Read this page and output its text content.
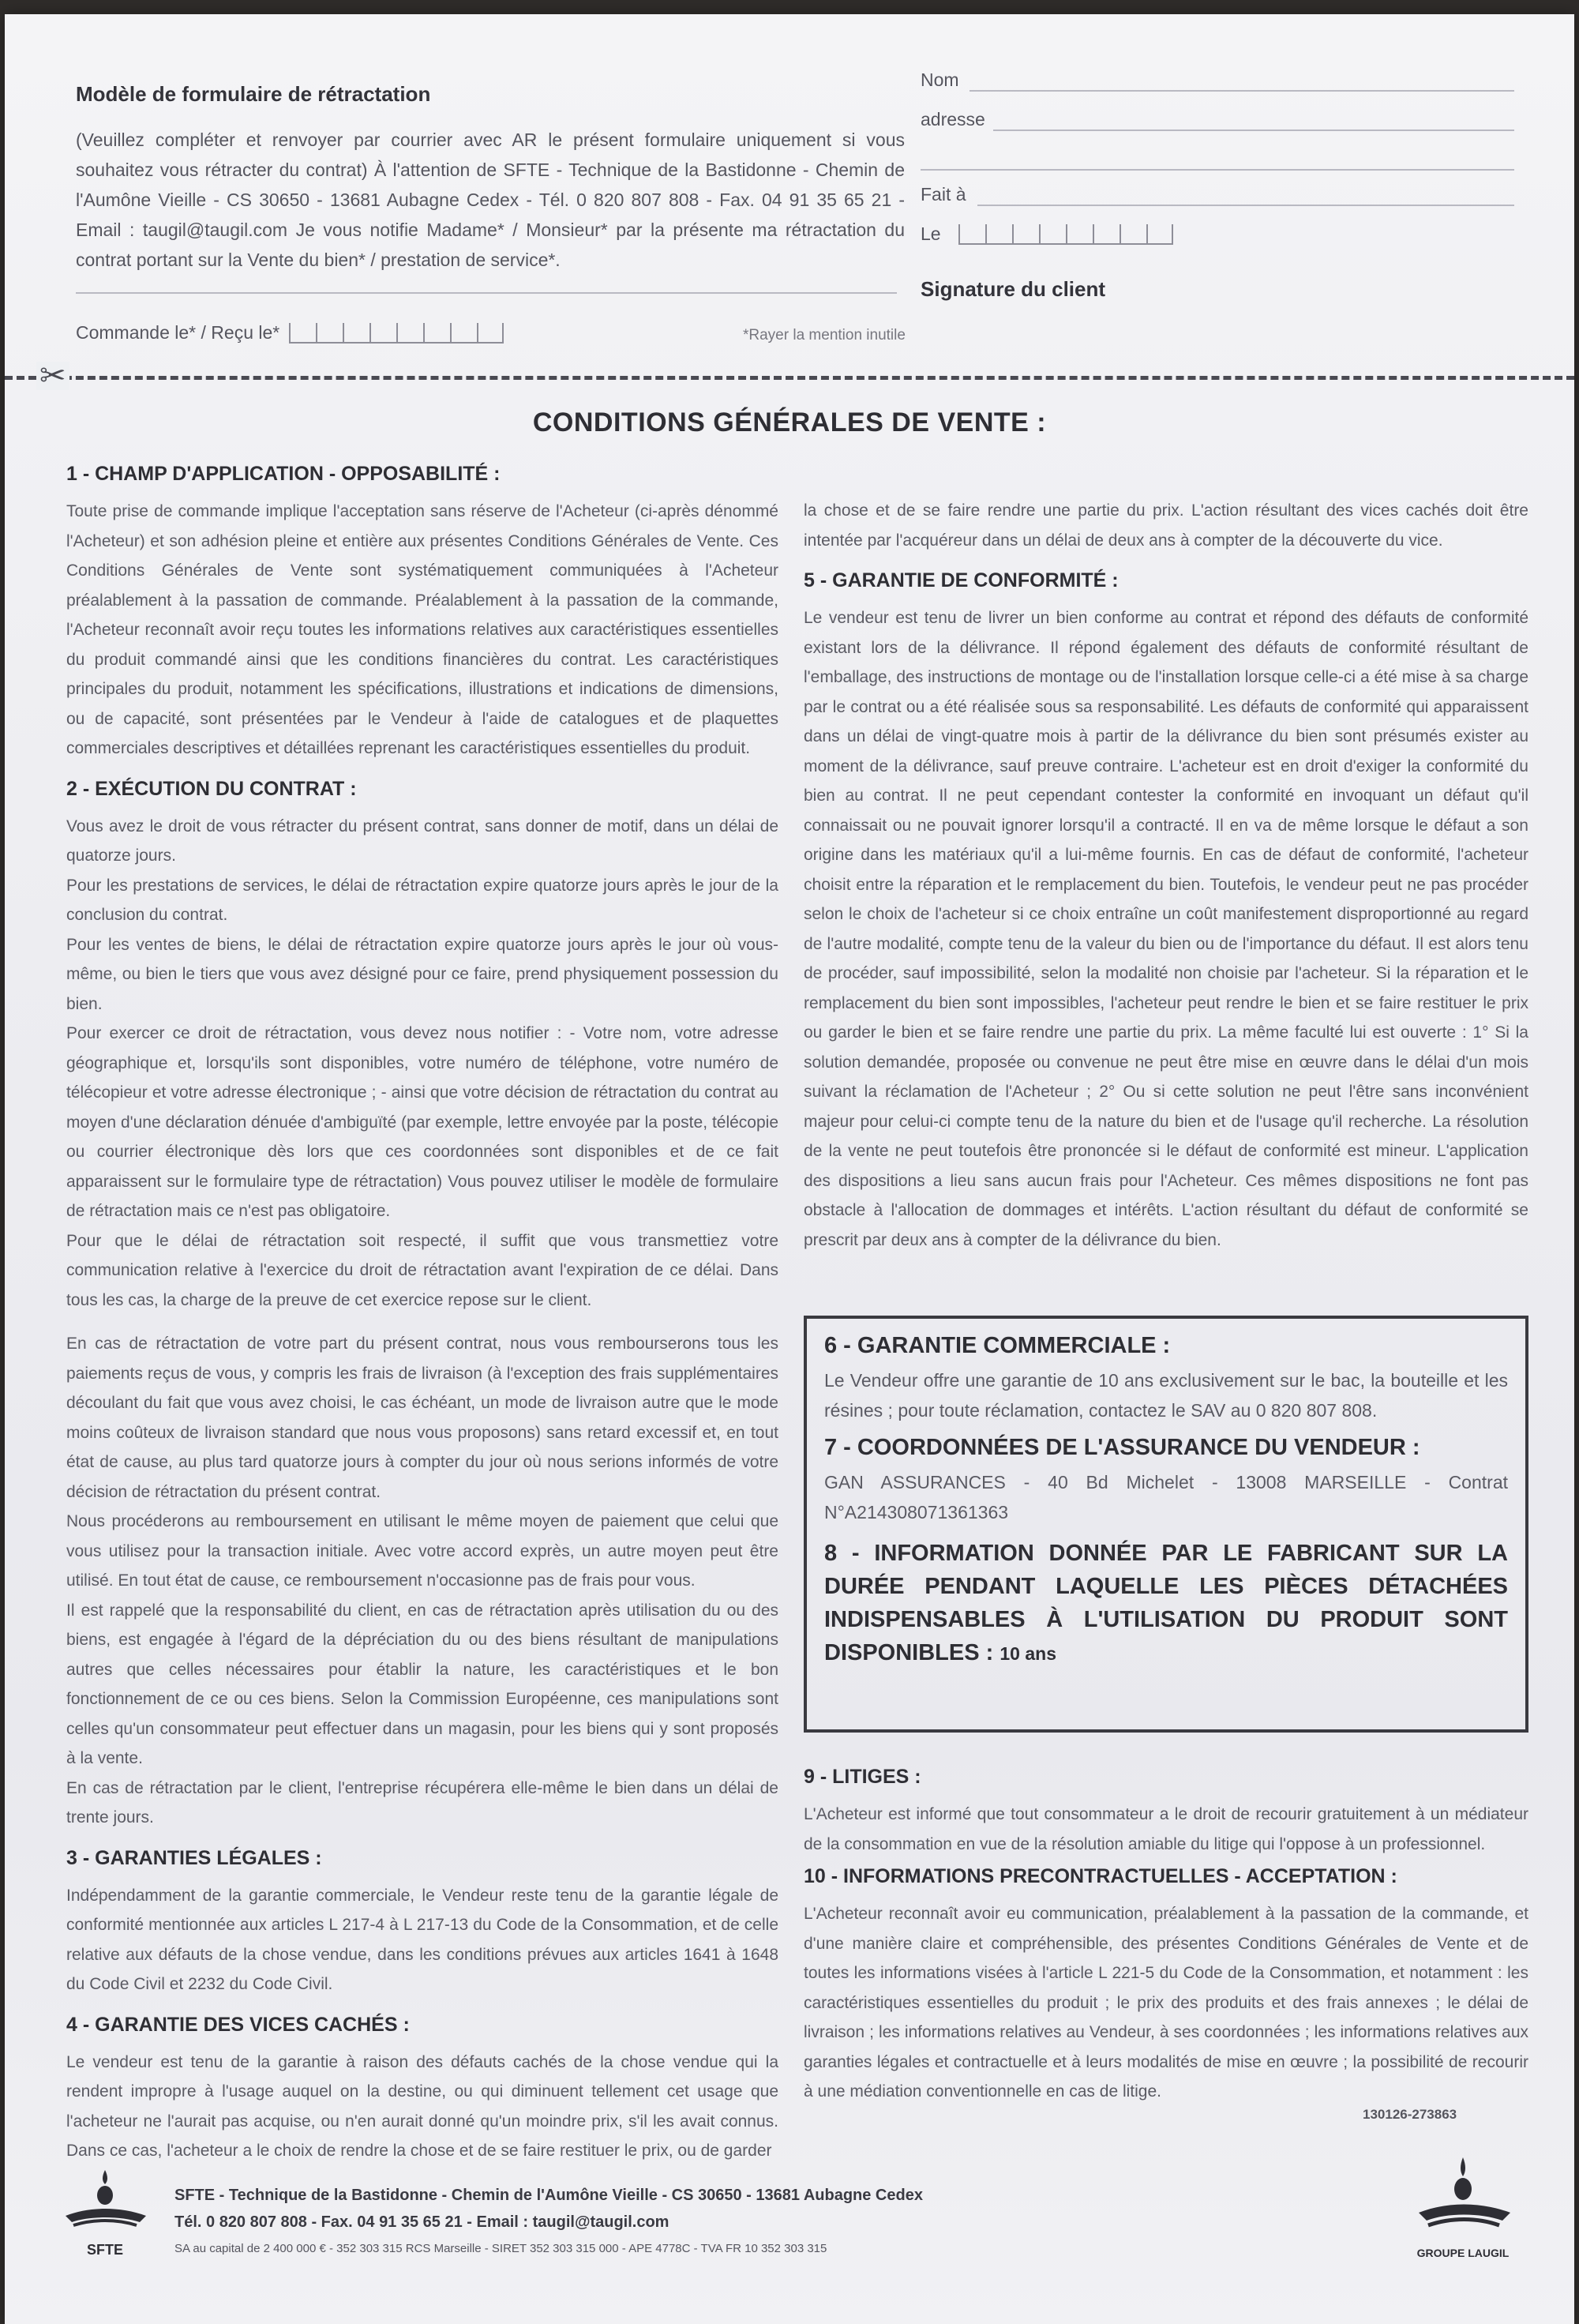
Modèle de formulaire de rétractation
(Veuillez compléter et renvoyer par courrier avec AR le présent formulaire uniquement si vous souhaitez vous rétracter du contrat) À l'attention de SFTE - Technique de la Bastidonne - Chemin de l'Aumône Vieille - CS 30650 - 13681 Aubagne Cedex - Tél. 0 820 807 808 - Fax. 04 91 35 65 21 - Email : taugil@taugil.com Je vous notifie Madame* / Monsieur* par la présente ma rétractation du contrat portant sur la Vente du bien* / prestation de service*.
Commande le* / Reçu le*	*Rayer la mention inutile
Nom
adresse
Fait à
Le
Signature du client
✂
CONDITIONS GÉNÉRALES DE VENTE :
1 - CHAMP D'APPLICATION - OPPOSABILITÉ :
Toute prise de commande implique l'acceptation sans réserve de l'Acheteur (ci-après dénommé l'Acheteur) et son adhésion pleine et entière aux présentes Conditions Générales de Vente. Ces Conditions Générales de Vente sont systématiquement communiquées à l'Acheteur préalablement à la passation de commande. Préalablement à la passation de la commande, l'Acheteur reconnaît avoir reçu toutes les informations relatives aux caractéristiques essentielles du produit commandé ainsi que les conditions financières du contrat. Les caractéristiques principales du produit, notamment les spécifications, illustrations et indications de dimensions, ou de capacité, sont présentées par le Vendeur à l'aide de catalogues et de plaquettes commerciales descriptives et détaillées reprenant les caractéristiques essentielles du produit.
2 - EXÉCUTION DU CONTRAT :
Vous avez le droit de vous rétracter du présent contrat, sans donner de motif, dans un délai de quatorze jours.
Pour les prestations de services, le délai de rétractation expire quatorze jours après le jour de la conclusion du contrat.
Pour les ventes de biens, le délai de rétractation expire quatorze jours après le jour où vous-même, ou bien le tiers que vous avez désigné pour ce faire, prend physiquement possession du bien.
Pour exercer ce droit de rétractation, vous devez nous notifier : - Votre nom, votre adresse géographique et, lorsqu'ils sont disponibles, votre numéro de téléphone, votre numéro de télécopieur et votre adresse électronique ; - ainsi que votre décision de rétractation du contrat au moyen d'une déclaration dénuée d'ambiguïté (par exemple, lettre envoyée par la poste, télécopie ou courrier électronique dès lors que ces coordonnées sont disponibles et de ce fait apparaissent sur le formulaire type de rétractation) Vous pouvez utiliser le modèle de formulaire de rétractation mais ce n'est pas obligatoire.
Pour que le délai de rétractation soit respecté, il suffit que vous transmettiez votre communication relative à l'exercice du droit de rétractation avant l'expiration de ce délai. Dans tous les cas, la charge de la preuve de cet exercice repose sur le client.
En cas de rétractation de votre part du présent contrat, nous vous rembourserons tous les paiements reçus de vous, y compris les frais de livraison (à l'exception des frais supplémentaires découlant du fait que vous avez choisi, le cas échéant, un mode de livraison autre que le mode moins coûteux de livraison standard que nous vous proposons) sans retard excessif et, en tout état de cause, au plus tard quatorze jours à compter du jour où nous serions informés de votre décision de rétractation du présent contrat.
Nous procéderons au remboursement en utilisant le même moyen de paiement que celui que vous utilisez pour la transaction initiale. Avec votre accord exprès, un autre moyen peut être utilisé. En tout état de cause, ce remboursement n'occasionne pas de frais pour vous.
Il est rappelé que la responsabilité du client, en cas de rétractation après utilisation du ou des biens, est engagée à l'égard de la dépréciation du ou des biens résultant de manipulations autres que celles nécessaires pour établir la nature, les caractéristiques et le bon fonctionnement de ce ou ces biens. Selon la Commission Européenne, ces manipulations sont celles qu'un consommateur peut effectuer dans un magasin, pour les biens qui y sont proposés à la vente.
En cas de rétractation par le client, l'entreprise récupérera elle-même le bien dans un délai de trente jours.
3 - GARANTIES LÉGALES :
Indépendamment de la garantie commerciale, le Vendeur reste tenu de la garantie légale de conformité mentionnée aux articles L 217-4 à L 217-13 du Code de la Consommation, et de celle relative aux défauts de la chose vendue, dans les conditions prévues aux articles 1641 à 1648 du Code Civil et 2232 du Code Civil.
4 - GARANTIE DES VICES CACHÉS :
Le vendeur est tenu de la garantie à raison des défauts cachés de la chose vendue qui la rendent impropre à l'usage auquel on la destine, ou qui diminuent tellement cet usage que l'acheteur ne l'aurait pas acquise, ou n'en aurait donné qu'un moindre prix, s'il les avait connus. Dans ce cas, l'acheteur a le choix de rendre la chose et de se faire restituer le prix, ou de garder
la chose et de se faire rendre une partie du prix. L'action résultant des vices cachés doit être intentée par l'acquéreur dans un délai de deux ans à compter de la découverte du vice.
5 - GARANTIE DE CONFORMITÉ :
Le vendeur est tenu de livrer un bien conforme au contrat et répond des défauts de conformité existant lors de la délivrance. Il répond également des défauts de conformité résultant de l'emballage, des instructions de montage ou de l'installation lorsque celle-ci a été mise à sa charge par le contrat ou a été réalisée sous sa responsabilité. Les défauts de conformité qui apparaissent dans un délai de vingt-quatre mois à partir de la délivrance du bien sont présumés exister au moment de la délivrance, sauf preuve contraire. L'acheteur est en droit d'exiger la conformité du bien au contrat. Il ne peut cependant contester la conformité en invoquant un défaut qu'il connaissait ou ne pouvait ignorer lorsqu'il a contracté. Il en va de même lorsque le défaut a son origine dans les matériaux qu'il a lui-même fournis. En cas de défaut de conformité, l'acheteur choisit entre la réparation et le remplacement du bien. Toutefois, le vendeur peut ne pas procéder selon le choix de l'acheteur si ce choix entraîne un coût manifestement disproportionné au regard de l'autre modalité, compte tenu de la valeur du bien ou de l'importance du défaut. Il est alors tenu de procéder, sauf impossibilité, selon la modalité non choisie par l'acheteur. Si la réparation et le remplacement du bien sont impossibles, l'acheteur peut rendre le bien et se faire restituer le prix ou garder le bien et se faire rendre une partie du prix. La même faculté lui est ouverte : 1° Si la solution demandée, proposée ou convenue ne peut être mise en œuvre dans le délai d'un mois suivant la réclamation de l'Acheteur ; 2° Ou si cette solution ne peut l'être sans inconvénient majeur pour celui-ci compte tenu de la nature du bien et de l'usage qu'il recherche. La résolution de la vente ne peut toutefois être prononcée si le défaut de conformité est mineur. L'application des dispositions a lieu sans aucun frais pour l'Acheteur. Ces mêmes dispositions ne font pas obstacle à l'allocation de dommages et intérêts. L'action résultant du défaut de conformité se prescrit par deux ans à compter de la délivrance du bien.
6 - GARANTIE COMMERCIALE :
Le Vendeur offre une garantie de 10 ans exclusivement sur le bac, la bouteille et les résines ; pour toute réclamation, contactez le SAV au 0 820 807 808.
7 - COORDONNÉES DE L'ASSURANCE DU VENDEUR :
GAN ASSURANCES - 40 Bd Michelet - 13008 MARSEILLE - Contrat N°A214308071361363
8 - INFORMATION DONNÉE PAR LE FABRICANT SUR LA DURÉE PENDANT LAQUELLE LES PIÈCES DÉTACHÉES INDISPENSABLES À L'UTILISATION DU PRODUIT SONT DISPONIBLES : 10 ans
9 - LITIGES :
L'Acheteur est informé que tout consommateur a le droit de recourir gratuitement à un médiateur de la consommation en vue de la résolution amiable du litige qui l'oppose à un professionnel.
10 - INFORMATIONS PRECONTRACTUELLES - ACCEPTATION :
L'Acheteur reconnaît avoir eu communication, préalablement à la passation de la commande, et d'une manière claire et compréhensible, des présentes Conditions Générales de Vente et de toutes les informations visées à l'article L 221-5 du Code de la Consommation, et notamment : les caractéristiques essentielles du produit ; le prix des produits et des frais annexes ; le délai de livraison ; les informations relatives au Vendeur, à ses coordonnées ; les informations relatives aux garanties légales et contractuelle et à leurs modalités de mise en œuvre ; la possibilité de recourir à une médiation conventionnelle en cas de litige.
130126-273863
SFTE
SFTE - Technique de la Bastidonne - Chemin de l'Aumône Vieille - CS 30650 - 13681 Aubagne Cedex
Tél. 0 820 807 808 - Fax. 04 91 35 65 21 - Email : taugil@taugil.com
SA au capital de 2 400 000 € - 352 303 315 RCS Marseille - SIRET 352 303 315 000 - APE 4778C - TVA FR 10 352 303 315	GROUPE LAUGIL
